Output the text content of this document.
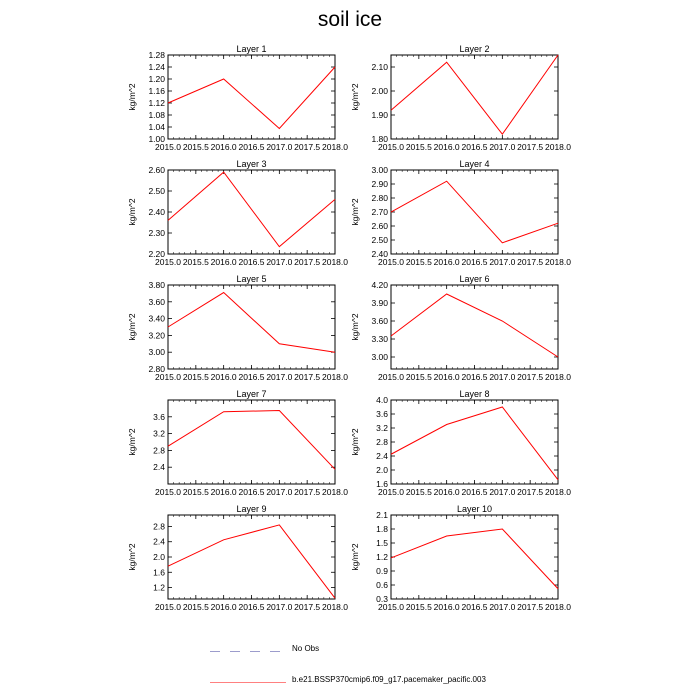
soil ice
Layer 1
2015.0 2015.5 2016.0 2016.5 2017.0 2017.5 2018.0
1.00
1.04
1.08
1.12
1.16
1.20
1.24
1.28
kg/m^2
Layer 2
2015.0 2015.5 2016.0 2016.5 2017.0 2017.5 2018.0
1.80
1.90
2.00
2.10
kg/m^2
Layer 3
2015.0 2015.5 2016.0 2016.5 2017.0 2017.5 2018.0
2.20
2.30
2.40
2.50
2.60
kg/m^2
Layer 4
2015.0 2015.5 2016.0 2016.5 2017.0 2017.5 2018.0
2.40
2.50
2.60
2.70
2.80
2.90
3.00
kg/m^2
Layer 5
2015.0 2015.5 2016.0 2016.5 2017.0 2017.5 2018.0
2.80
3.00
3.20
3.40
3.60
3.80
kg/m^2
Layer 6
2015.0 2015.5 2016.0 2016.5 2017.0 2017.5 2018.0
3.00
3.30
3.60
3.90
4.20
kg/m^2
Layer 7
2015.0 2015.5 2016.0 2016.5 2017.0 2017.5 2018.0
2.4
2.8
3.2
3.6
kg/m^2
Layer 8
2015.0 2015.5 2016.0 2016.5 2017.0 2017.5 2018.0
1.6
2.0
2.4
2.8
3.2
3.6
4.0
kg/m^2
Layer 9
2015.0 2015.5 2016.0 2016.5 2017.0 2017.5 2018.0
1.2
1.6
2.0
2.4
2.8
kg/m^2
Layer 10
2015.0 2015.5 2016.0 2016.5 2017.0 2017.5 2018.0
0.3
0.6
0.9
1.2
1.5
1.8
2.1
kg/m^2
No Obs
b.e21.BSSP370cmip6.f09_g17.pacemaker_pacific.003
